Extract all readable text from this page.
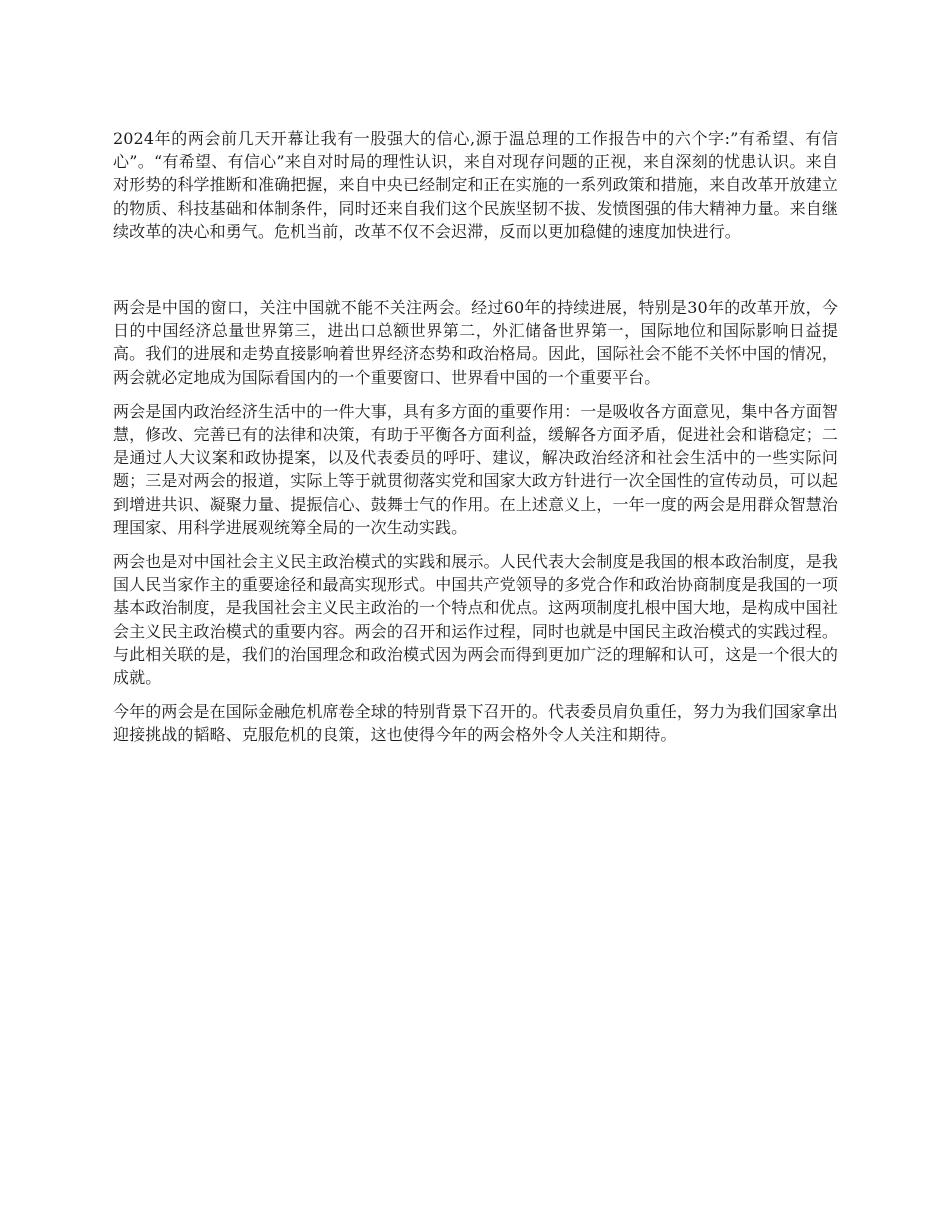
2024年的两会前几天开幕让我有一股强大的信心,源于温总理的工作报告中的六个字:”有希望、有信心”。“有希望、有信心”来自对时局的理性认识，来自对现存问题的正视，来自深刻的忧患认识。来自对形势的科学推断和准确把握，来自中央已经制定和正在实施的一系列政策和措施，来自改革开放建立的物质、科技基础和体制条件，同时还来自我们这个民族坚韧不拔、发愤图强的伟大精神力量。来自继续改革的决心和勇气。危机当前，改革不仅不会迟滞，反而以更加稳健的速度加快进行。

两会是中国的窗口，关注中国就不能不关注两会。经过60年的持续进展，特别是30年的改革开放，今日的中国经济总量世界第三，进出口总额世界第二，外汇储备世界第一，国际地位和国际影响日益提高。我们的进展和走势直接影响着世界经济态势和政治格局。因此，国际社会不能不关怀中国的情况，两会就必定地成为国际看国内的一个重要窗口、世界看中国的一个重要平台。

两会是国内政治经济生活中的一件大事，具有多方面的重要作用：一是吸收各方面意见，集中各方面智慧，修改、完善已有的法律和决策，有助于平衡各方面利益，缓解各方面矛盾，促进社会和谐稳定；二是通过人大议案和政协提案，以及代表委员的呼吁、建议，解决政治经济和社会生活中的一些实际问题；三是对两会的报道，实际上等于就贯彻落实党和国家大政方针进行一次全国性的宣传动员，可以起到增进共识、凝聚力量、提振信心、鼓舞士气的作用。在上述意义上，一年一度的两会是用群众智慧治理国家、用科学进展观统筹全局的一次生动实践。

两会也是对中国社会主义民主政治模式的实践和展示。人民代表大会制度是我国的根本政治制度，是我国人民当家作主的重要途径和最高实现形式。中国共产党领导的多党合作和政治协商制度是我国的一项基本政治制度，是我国社会主义民主政治的一个特点和优点。这两项制度扎根中国大地，是构成中国社会主义民主政治模式的重要内容。两会的召开和运作过程，同时也就是中国民主政治模式的实践过程。与此相关联的是，我们的治国理念和政治模式因为两会而得到更加广泛的理解和认可，这是一个很大的成就。

今年的两会是在国际金融危机席卷全球的特别背景下召开的。代表委员肩负重任，努力为我们国家拿出迎接挑战的韬略、克服危机的良策，这也使得今年的两会格外令人关注和期待。
